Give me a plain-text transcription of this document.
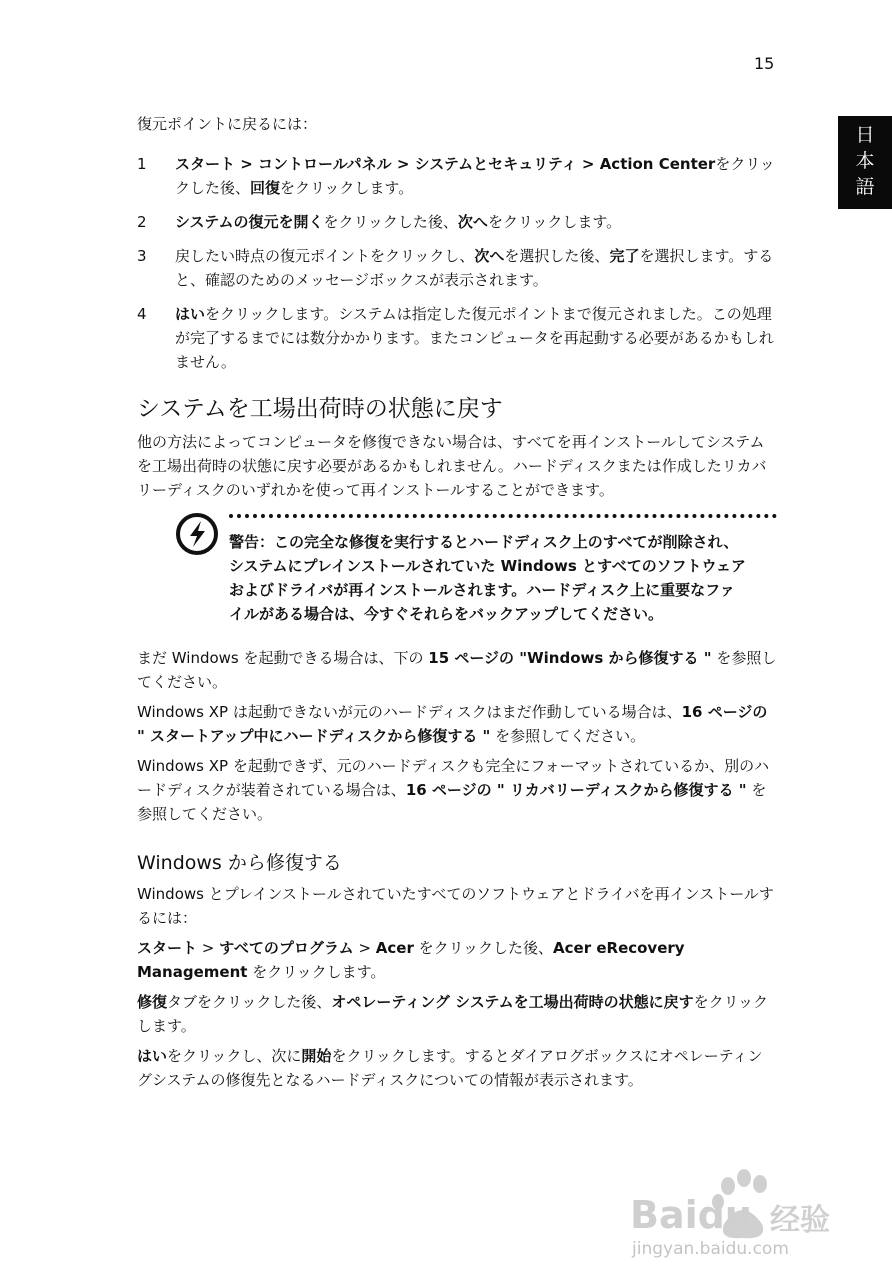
15
日
本
語

復元ポイントに戻るには：

1	スタート > コントロールパネル > システムとセキュリティ > Action Centerをクリックした後、回復をクリックします。
2	システムの復元を開くをクリックした後、次へをクリックします。
3	戻したい時点の復元ポイントをクリックし、次へを選択した後、完了を選択します。すると、確認のためのメッセージボックスが表示されます。
4	はいをクリックします。システムは指定した復元ポイントまで復元されました。この処理が完了するまでには数分かかります。またコンピュータを再起動する必要があるかもしれません。
システムを工場出荷時の状態に戻す

他の方法によってコンピュータを修復できない場合は、すべてを再インストールしてシステムを工場出荷時の状態に戻す必要があるかもしれません。ハードディスクまたは作成したリカバリーディスクのいずれかを使って再インストールすることができます。

警告：この完全な修復を実行するとハードディスク上のすべてが削除され、システムにプレインストールされていた Windows とすべてのソフトウェアおよびドライバが再インストールされます。ハードディスク上に重要なファイルがある場合は、今すぐそれらをバックアップしてください。

まだ Windows を起動できる場合は、下の 15 ページの "Windows から修復する " を参照してください。

Windows XP は起動できないが元のハードディスクはまだ作動している場合は、16 ページの " スタートアップ中にハードディスクから修復する " を参照してください。

Windows XP を起動できず、元のハードディスクも完全にフォーマットされているか、別のハードディスクが装着されている場合は、16 ページの " リカバリーディスクから修復する " を参照してください。

Windows から修復する

Windows とプレインストールされていたすべてのソフトウェアとドライバを再インストールするには：

スタート > すべてのプログラム > Acer をクリックした後、Acer eRecovery Management をクリックします。

修復タブをクリックした後、オペレーティング システムを工場出荷時の状態に戻すをクリックします。

はいをクリックし、次に開始をクリックします。するとダイアログボックスにオペレーティングシステムの修復先となるハードディスクについての情報が表示されます。

Baidu 经验
jingyan.baidu.com
